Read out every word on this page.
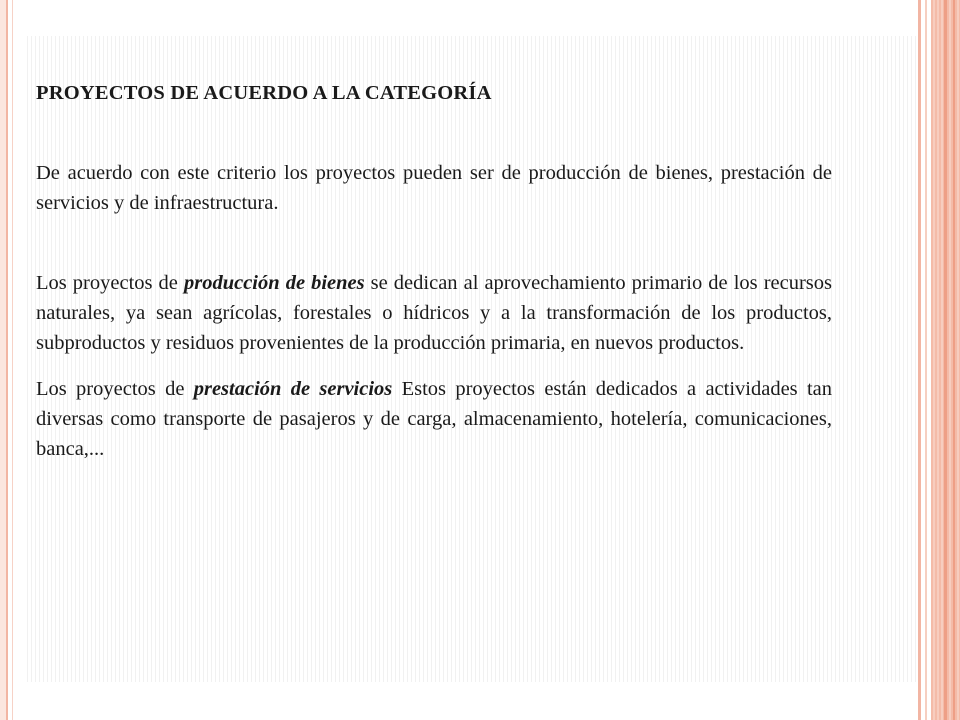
PROYECTOS DE ACUERDO A LA CATEGORÍA

De acuerdo con este criterio los proyectos pueden ser de producción de bienes, prestación de servicios y de infraestructura.

Los proyectos de producción de bienes se dedican al aprovechamiento primario de los recursos naturales, ya sean agrícolas, forestales o hídricos y a la transformación de los productos, subproductos y residuos provenientes de la producción primaria, en nuevos productos.

Los proyectos de prestación de servicios Estos proyectos están dedicados a actividades tan diversas como transporte de pasajeros y de carga, almacenamiento, hotelería, comunicaciones, banca,...
